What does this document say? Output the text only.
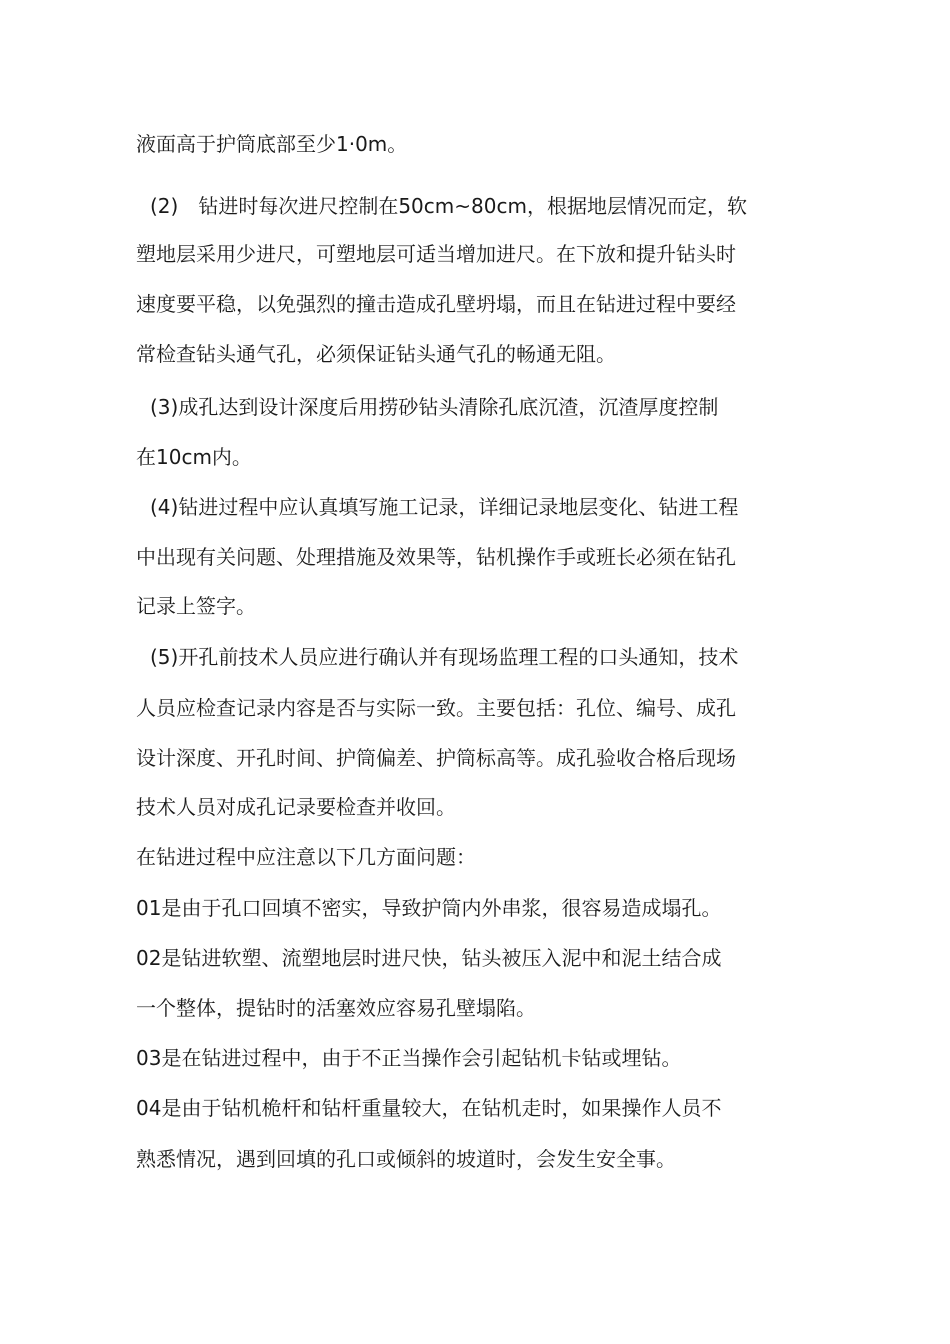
液面高于护筒底部至少1·0m。

(2)　钻进时每次进尺控制在50cm~80cm，根据地层情况而定，软

塑地层采用少进尺，可塑地层可适当增加进尺。在下放和提升钻头时

速度要平稳，以免强烈的撞击造成孔壁坍塌，而且在钻进过程中要经

常检查钻头通气孔，必须保证钻头通气孔的畅通无阻。

(3)成孔达到设计深度后用捞砂钻头清除孔底沉渣，沉渣厚度控制

在10cm内。

(4)钻进过程中应认真填写施工记录，详细记录地层变化、钻进工程

中出现有关问题、处理措施及效果等，钻机操作手或班长必须在钻孔

记录上签字。

(5)开孔前技术人员应进行确认并有现场监理工程的口头通知，技术

人员应检查记录内容是否与实际一致。主要包括：孔位、编号、成孔

设计深度、开孔时间、护筒偏差、护筒标高等。成孔验收合格后现场

技术人员对成孔记录要检查并收回。

在钻进过程中应注意以下几方面问题：

01是由于孔口回填不密实，导致护筒内外串浆，很容易造成塌孔。

02是钻进软塑、流塑地层时进尺快，钻头被压入泥中和泥土结合成

一个整体，提钻时的活塞效应容易孔壁塌陷。

03是在钻进过程中，由于不正当操作会引起钻机卡钻或埋钻。

04是由于钻机桅杆和钻杆重量较大，在钻机走时，如果操作人员不

熟悉情况，遇到回填的孔口或倾斜的坡道时，会发生安全事。
